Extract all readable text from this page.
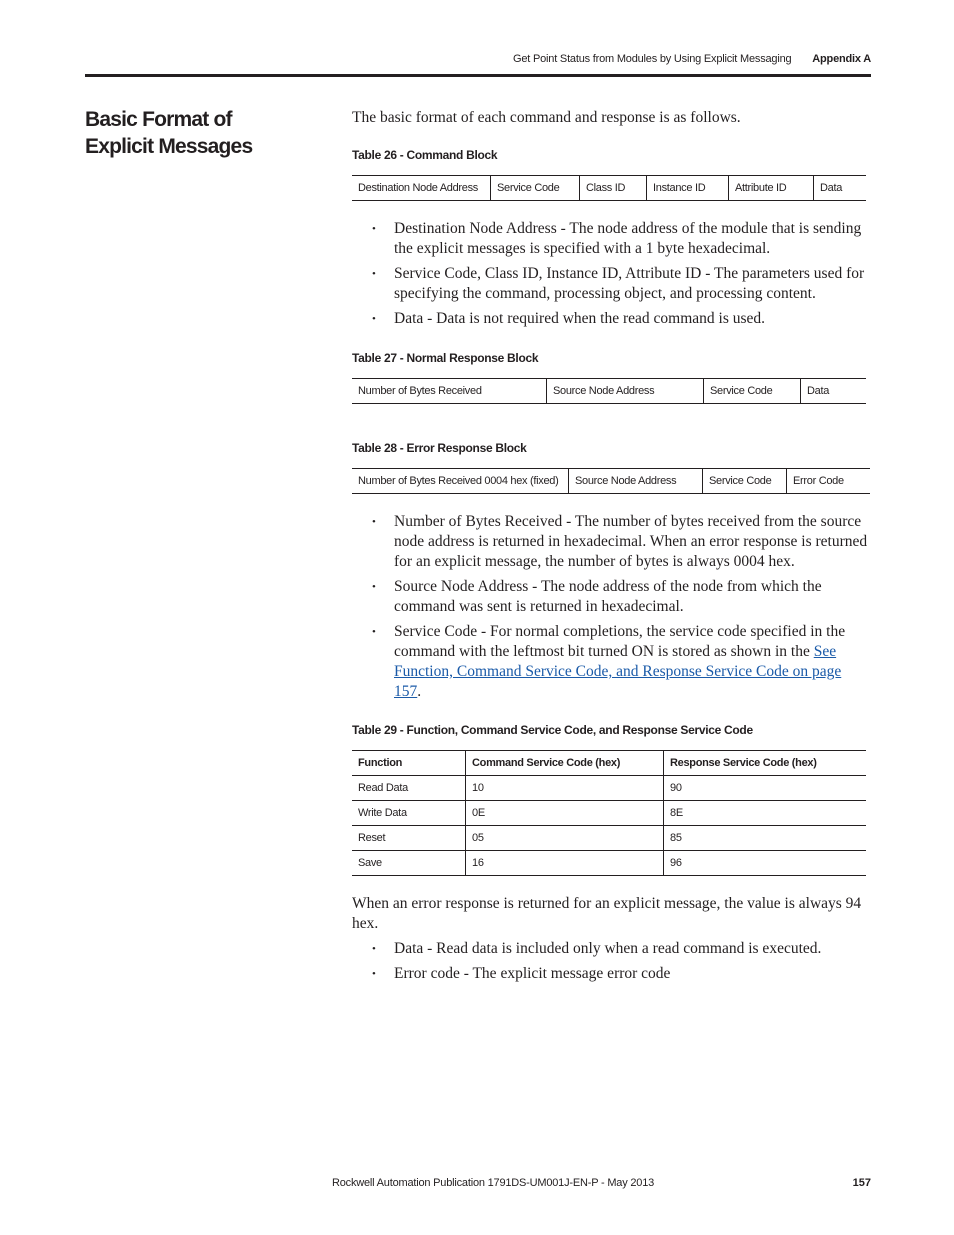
Get Point Status from Modules by Using Explicit Messaging Appendix A
Basic Format of Explicit Messages

The basic format of each command and response is as follows.

Table 26 - Command Block

Destination Node Address	Service Code	Class ID	Instance ID	Attribute ID	Data
• Destination Node Address - The node address of the module that is sending the explicit messages is specified with a 1 byte hexadecimal.
• Service Code, Class ID, Instance ID, Attribute ID - The parameters used for specifying the command, processing object, and processing content.
• Data - Data is not required when the read command is used.

Table 27 - Normal Response Block

Number of Bytes Received	Source Node Address	Service Code	Data

Table 28 - Error Response Block

Number of Bytes Received 0004 hex (fixed)	Source Node Address	Service Code	Error Code
• Number of Bytes Received - The number of bytes received from the source node address is returned in hexadecimal. When an error response is returned for an explicit message, the number of bytes is always 0004 hex.
• Source Node Address - The node address of the node from which the command was sent is returned in hexadecimal.
• Service Code - For normal completions, the service code specified in the command with the leftmost bit turned ON is stored as shown in the See Function, Command Service Code, and Response Service Code on page 157.

Table 29 - Function, Command Service Code, and Response Service Code

Function	Command Service Code (hex)	Response Service Code (hex)
Read Data	10	90
Write Data	0E	8E
Reset	05	85
Save	16	96

When an error response is returned for an explicit message, the value is always 94 hex.

• Data - Read data is included only when a read command is executed.
• Error code - The explicit message error code
Rockwell Automation Publication 1791DS-UM001J-EN-P - May 2013	157
